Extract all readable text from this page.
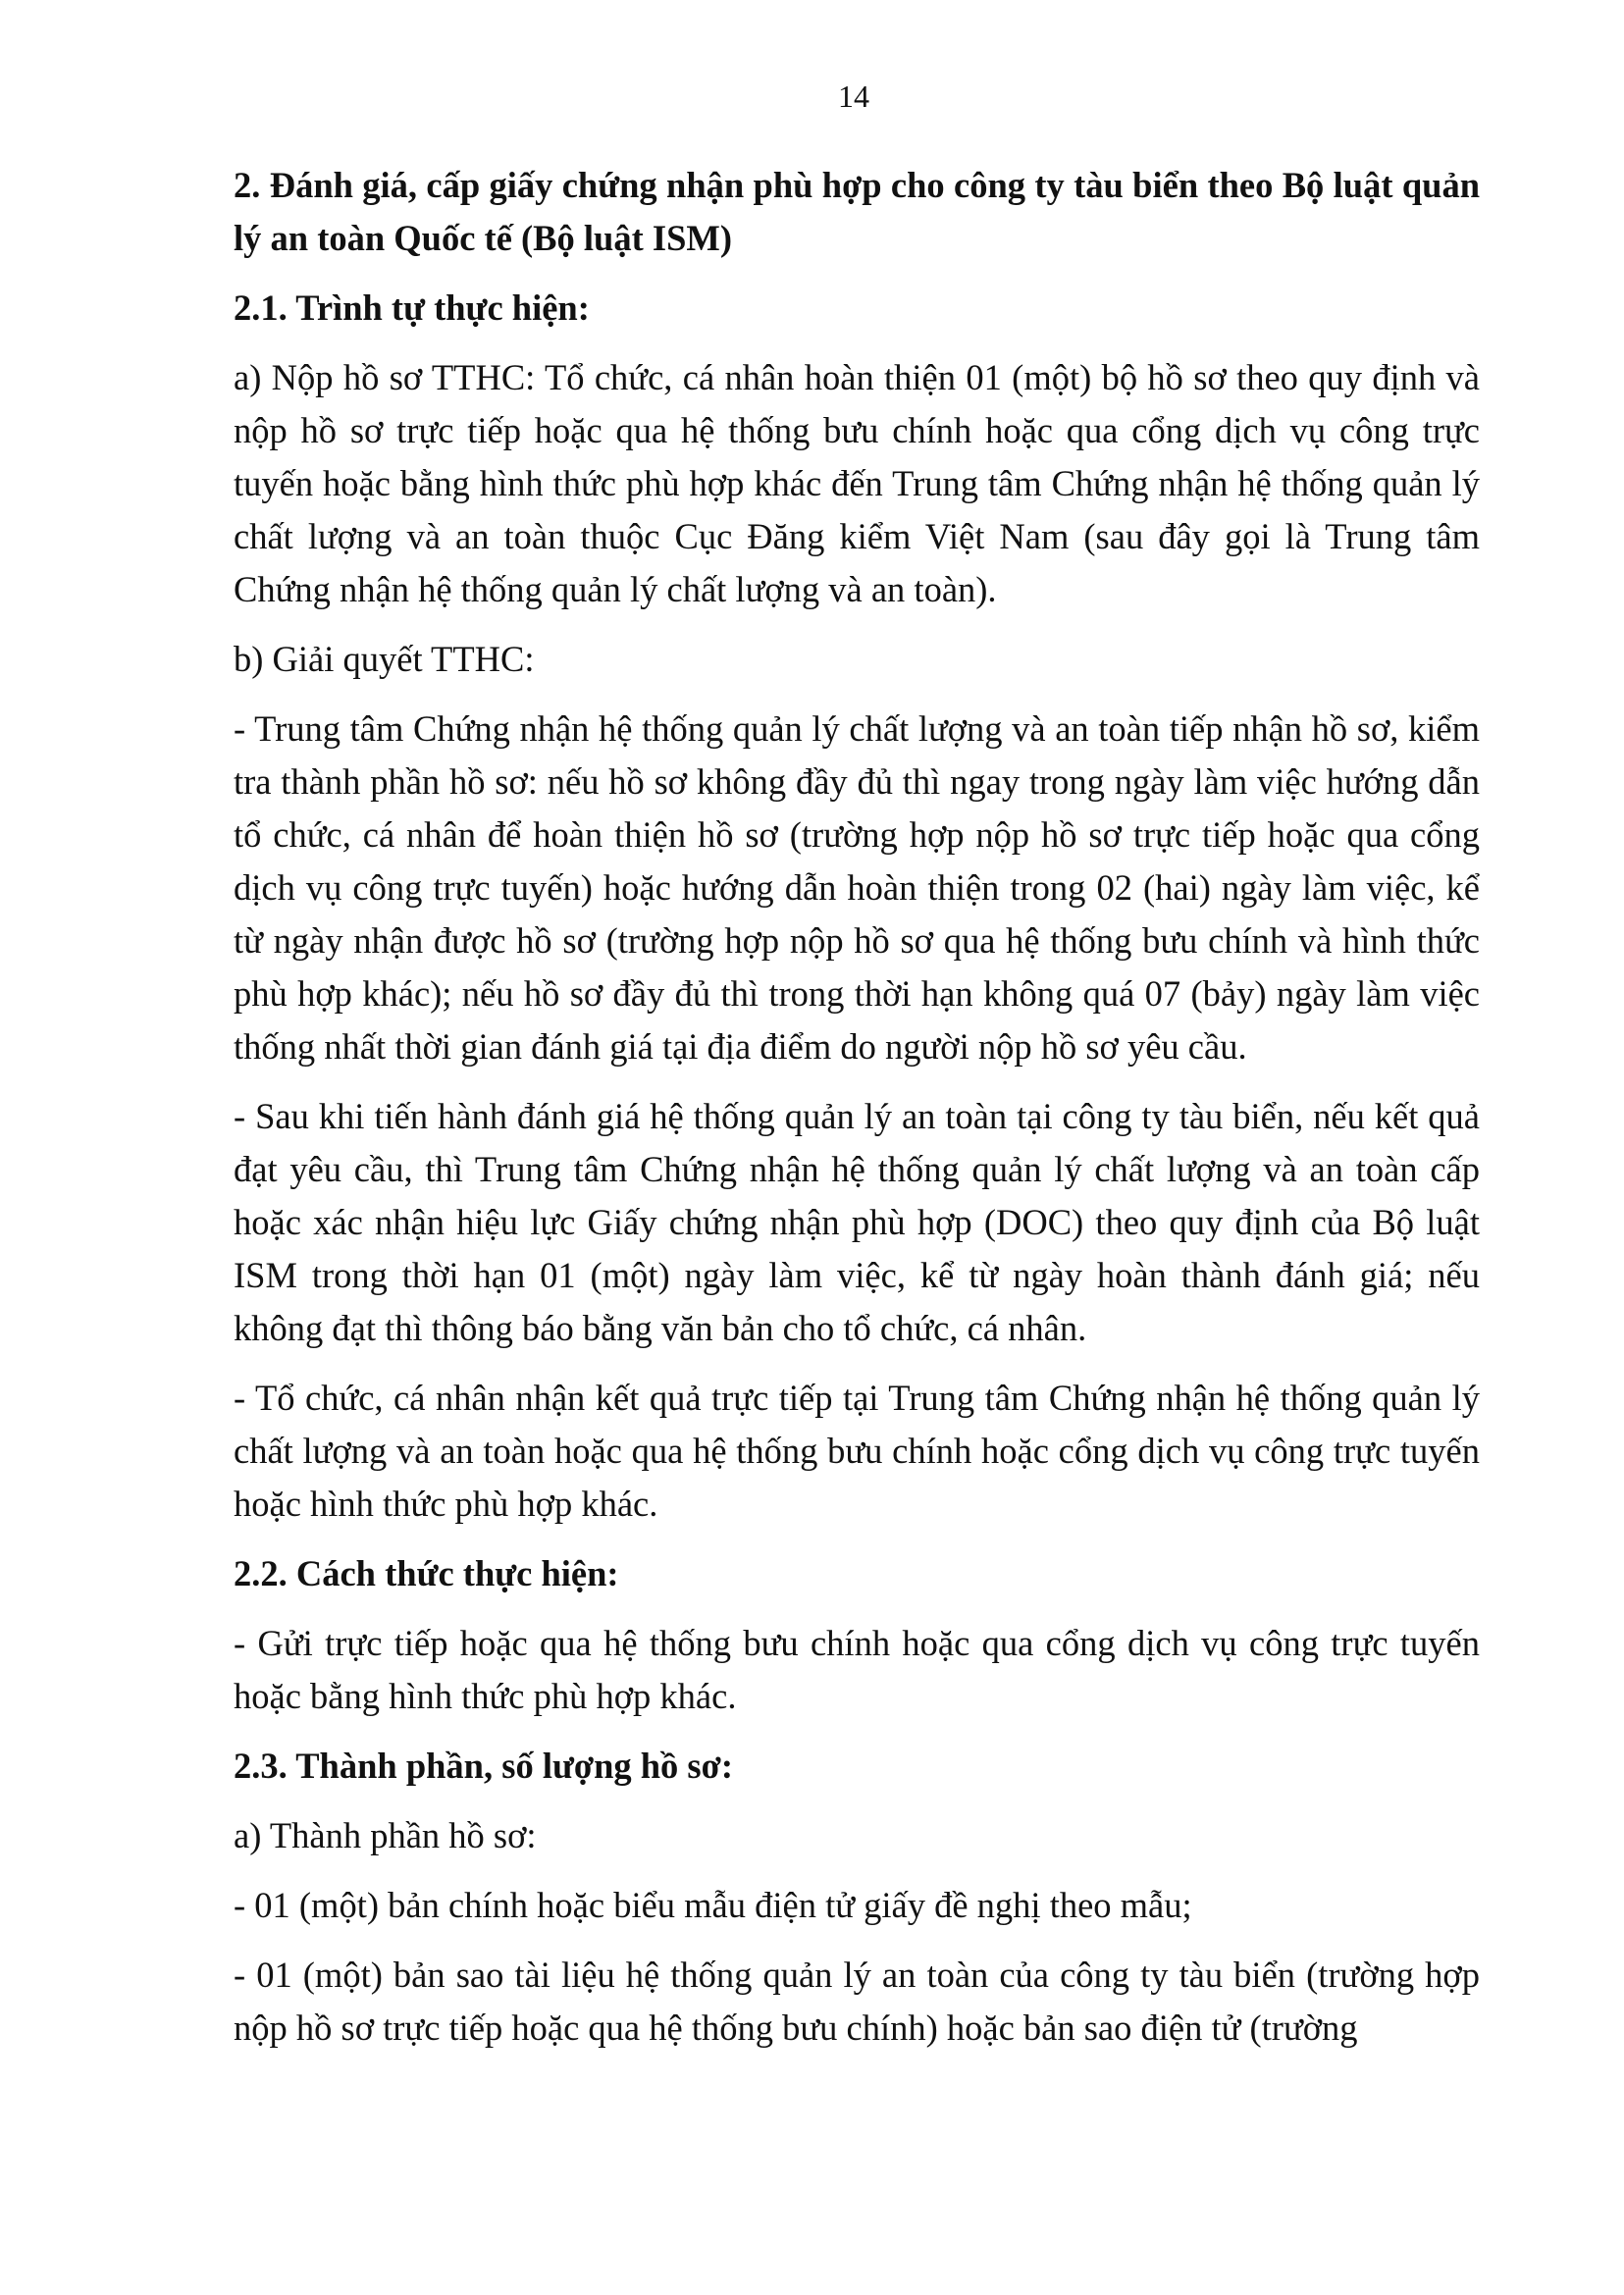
14

2. Đánh giá, cấp giấy chứng nhận phù hợp cho công ty tàu biển theo Bộ luật quản lý an toàn Quốc tế (Bộ luật ISM)

2.1. Trình tự thực hiện:

a) Nộp hồ sơ TTHC: Tổ chức, cá nhân hoàn thiện 01 (một) bộ hồ sơ theo quy định và nộp hồ sơ trực tiếp hoặc qua hệ thống bưu chính hoặc qua cổng dịch vụ công trực tuyến hoặc bằng hình thức phù hợp khác đến Trung tâm Chứng nhận hệ thống quản lý chất lượng và an toàn thuộc Cục Đăng kiểm Việt Nam (sau đây gọi là Trung tâm Chứng nhận hệ thống quản lý chất lượng và an toàn).

b) Giải quyết TTHC:

- Trung tâm Chứng nhận hệ thống quản lý chất lượng và an toàn tiếp nhận hồ sơ, kiểm tra thành phần hồ sơ: nếu hồ sơ không đầy đủ thì ngay trong ngày làm việc hướng dẫn tổ chức, cá nhân để hoàn thiện hồ sơ (trường hợp nộp hồ sơ trực tiếp hoặc qua cổng dịch vụ công trực tuyến) hoặc hướng dẫn hoàn thiện trong 02 (hai) ngày làm việc, kể từ ngày nhận được hồ sơ (trường hợp nộp hồ sơ qua hệ thống bưu chính và hình thức phù hợp khác); nếu hồ sơ đầy đủ thì trong thời hạn không quá 07 (bảy) ngày làm việc thống nhất thời gian đánh giá tại địa điểm do người nộp hồ sơ yêu cầu.

- Sau khi tiến hành đánh giá hệ thống quản lý an toàn tại công ty tàu biển, nếu kết quả đạt yêu cầu, thì Trung tâm Chứng nhận hệ thống quản lý chất lượng và an toàn cấp hoặc xác nhận hiệu lực Giấy chứng nhận phù hợp (DOC) theo quy định của Bộ luật ISM trong thời hạn 01 (một) ngày làm việc, kể từ ngày hoàn thành đánh giá; nếu không đạt thì thông báo bằng văn bản cho tổ chức, cá nhân.

- Tổ chức, cá nhân nhận kết quả trực tiếp tại Trung tâm Chứng nhận hệ thống quản lý chất lượng và an toàn hoặc qua hệ thống bưu chính hoặc cổng dịch vụ công trực tuyến hoặc hình thức phù hợp khác.

2.2. Cách thức thực hiện:

- Gửi trực tiếp hoặc qua hệ thống bưu chính hoặc qua cổng dịch vụ công trực tuyến hoặc bằng hình thức phù hợp khác.

2.3. Thành phần, số lượng hồ sơ:

a) Thành phần hồ sơ:

- 01 (một) bản chính hoặc biểu mẫu điện tử giấy đề nghị theo mẫu;

- 01 (một) bản sao tài liệu hệ thống quản lý an toàn của công ty tàu biển (trường hợp nộp hồ sơ trực tiếp hoặc qua hệ thống bưu chính) hoặc bản sao điện tử (trường
